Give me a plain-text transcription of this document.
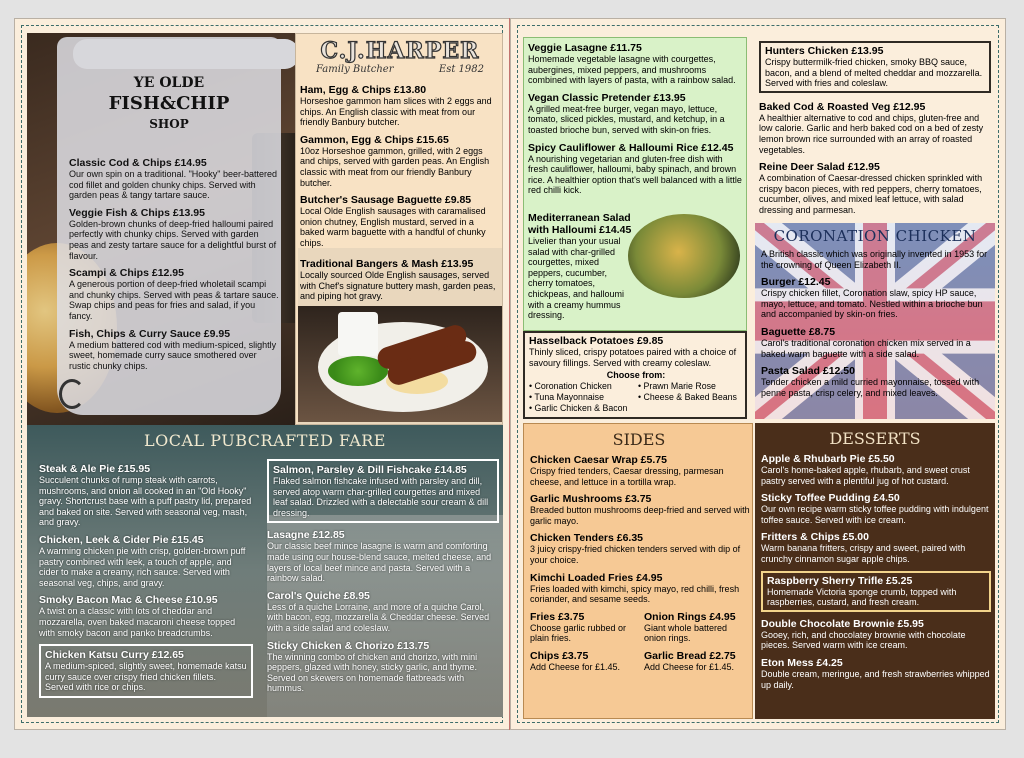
YE OLDE
FISH&CHIP
SHOP
Classic Cod & Chips £14.95
Our own spin on a traditional. "Hooky" beer-battered cod fillet and golden chunky chips. Served with garden peas & tangy tartare sauce.
Veggie Fish & Chips £13.95
Golden-brown chunks of deep-fried halloumi paired perfectly with chunky chips. Served with garden peas and zesty tartare sauce for a delightful burst of flavour.
Scampi & Chips £12.95
A generous portion of deep-fried wholetail scampi and chunky chips. Served with peas & tartare sauce. Swap chips and peas for fries and salad, if you fancy.
Fish, Chips & Curry Sauce £9.95
A medium battered cod with medium-spiced, slightly sweet, homemade curry sauce smothered over rustic chunky chips.
C.J.HARPER
Family Butcher	Est 1982
Ham, Egg & Chips £13.80
Horseshoe gammon ham slices with 2 eggs and chips. An English classic with meat from our friendly Banbury butcher.
Gammon, Egg & Chips £15.65
10oz Horseshoe gammon, grilled, with 2 eggs and chips, served with garden peas. An English classic with meat from our friendly Banbury butcher.
Butcher's Sausage Baguette £9.85
Local Olde English sausages with caramalised onion chutney, English mustard, served in a baked warm baguette with a handful of chunky chips.
Traditional Bangers & Mash £13.95
Locally sourced Olde English sausages, served with Chef's signature buttery mash, garden peas, and piping hot gravy.
LOCAL PUBCRAFTED FARE
Steak & Ale Pie £15.95
Succulent chunks of rump steak with carrots, mushrooms, and onion all cooked in an "Old Hooky" gravy. Shortcrust base with a puff pastry lid, prepared and baked on site. Served with seasonal veg, mash, and gravy.
Chicken, Leek & Cider Pie £15.45
A warming chicken pie with crisp, golden-brown puff pastry combined with leek, a touch of apple, and cider to make a creamy, rich sauce. Served with seasonal veg, chips, and gravy.
Smoky Bacon Mac & Cheese £10.95
A twist on a classic with lots of cheddar and mozzarella, oven baked macaroni cheese topped with smoky bacon and panko breadcrumbs.
Chicken Katsu Curry £12.65
A medium-spiced, slightly sweet, homemade katsu curry sauce over crispy fried chicken fillets. Served with rice or chips.
Salmon, Parsley & Dill Fishcake £14.85
Flaked salmon fishcake infused with parsley and dill, served atop warm char-grilled courgettes and mixed leaf salad. Drizzled with a delectable sour cream & dill dressing.
Lasagne £12.85
Our classic beef mince lasagne is warm and comforting made using our house-blend sauce, melted cheese, and layers of local beef mince and pasta. Served with a rainbow salad.
Carol's Quiche £8.95
Less of a quiche Lorraine, and more of a quiche Carol, with bacon, egg, mozzarella & Cheddar cheese. Served with a side salad and coleslaw.
Sticky Chicken & Chorizo £13.75
The winning combo of chicken and chorizo, with mini peppers, glazed with honey, sticky garlic, and thyme. Served on skewers on homemade flatbreads with hummus.
Veggie Lasagne £11.75
Homemade vegetable lasagne with courgettes, aubergines, mixed peppers, and mushrooms combined with layers of pasta, with a rainbow salad.
Vegan Classic Pretender £13.95
A grilled meat-free burger, vegan mayo, lettuce, tomato, sliced pickles, mustard, and ketchup, in a toasted brioche bun, served with skin-on fries.
Spicy Cauliflower & Halloumi Rice £12.45
A nourishing vegetarian and gluten-free dish with fresh cauliflower, halloumi, baby spinach, and brown rice. A healthier option that's well balanced with a little red chilli kick.
Mediterranean Salad with Halloumi £14.45
Livelier than your usual salad with char-grilled courgettes, mixed peppers, cucumber, cherry tomatoes, chickpeas, and halloumi with a creamy hummus dressing.
Hunters Chicken £13.95
Crispy buttermilk-fried chicken, smoky BBQ sauce, bacon, and a blend of melted cheddar and mozzarella. Served with fries and coleslaw.
Baked Cod & Roasted Veg £12.95
A healthier alternative to cod and chips, gluten-free and low calorie. Garlic and herb baked cod on a bed of zesty lemon brown rice surrounded with an array of roasted vegetables.
Reine Deer Salad £12.95
A combination of Caesar-dressed chicken sprinkled with crispy bacon pieces, with red peppers, cherry tomatoes, cucumber, olives, and mixed leaf lettuce, with salad dressing and parmesan.
Hasselback Potatoes £9.85
Thinly sliced, crispy potatoes paired with a choice of savoury fillings. Served with creamy coleslaw.
Choose from:
• Coronation Chicken	• Prawn Marie Rose
• Tuna Mayonnaise	• Cheese & Baked Beans
• Garlic Chicken & Bacon
CORONATION CHICKEN
A British classic which was originally invented in 1953 for the crowning of Queen Elizabeth II.
Burger £12.45
Crispy chicken fillet, Coronation slaw, spicy HP sauce, mayo, lettuce, and tomato. Nestled within a brioche bun and accompanied by skin-on fries.
Baguette £8.75
Carol's traditional coronation chicken mix served in a baked warm baguette with a side salad.
Pasta Salad £12.50
Tender chicken a mild curried mayonnaise, tossed with penne pasta, crisp celery, and mixed leaves.
SIDES
Chicken Caesar Wrap £5.75
Crispy fried tenders, Caesar dressing, parmesan cheese, and lettuce in a tortilla wrap.
Garlic Mushrooms £3.75
Breaded button mushrooms deep-fried and served with garlic mayo.
Chicken Tenders £6.35
3 juicy crispy-fried chicken tenders served with dip of your choice.
Kimchi Loaded Fries £4.95
Fries loaded with kimchi, spicy mayo, red chilli, fresh coriander, and sesame seeds.
Fries £3.75
Choose garlic rubbed or plain fries.
Onion Rings £4.95
Giant whole battered onion rings.
Chips £3.75
Add Cheese for £1.45.
Garlic Bread £2.75
Add Cheese for £1.45.
DESSERTS
Apple & Rhubarb Pie £5.50
Carol's home-baked apple, rhubarb, and sweet crust pastry served with a plentiful jug of hot custard.
Sticky Toffee Pudding £4.50
Our own recipe warm sticky toffee pudding with indulgent toffee sauce. Served with ice cream.
Fritters & Chips £5.00
Warm banana fritters, crispy and sweet, paired with crunchy cinnamon sugar apple chips.
Raspberry Sherry Trifle £5.25
Homemade Victoria sponge crumb, topped with raspberries, custard, and fresh cream.
Double Chocolate Brownie £5.95
Gooey, rich, and chocolatey brownie with chocolate pieces. Served warm with ice cream.
Eton Mess £4.25
Double cream, meringue, and fresh strawberries whipped up daily.
